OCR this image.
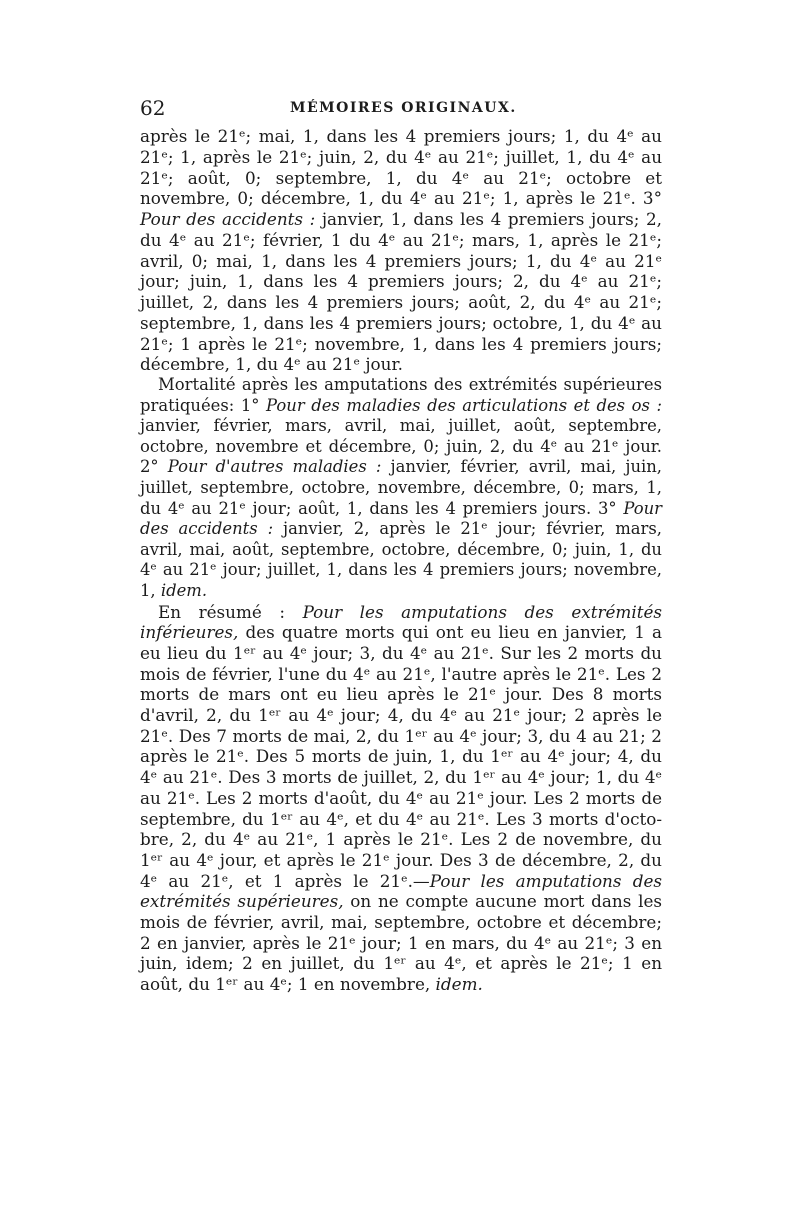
62	MÉMOIRES ORIGINAUX.

après le 21ᵉ; mai, 1, dans les 4 premiers jours; 1, du 4ᵉ au 21ᵉ; 1, après le 21ᵉ; juin, 2, du 4ᵉ au 21ᵉ; juillet, 1, du 4ᵉ au 21ᵉ; août, 0; septembre, 1, du 4ᵉ au 21ᵉ; octobre et novembre, 0; décembre, 1, du 4ᵉ au 21ᵉ; 1, après le 21ᵉ. 3° Pour des accidents : janvier, 1, dans les 4 premiers jours; 2, du 4ᵉ au 21ᵉ; février, 1 du 4ᵉ au 21ᵉ; mars, 1, après le 21ᵉ; avril, 0; mai, 1, dans les 4 premiers jours; 1, du 4ᵉ au 21ᵉ jour; juin, 1, dans les 4 premiers jours; 2, du 4ᵉ au 21ᵉ; juillet, 2, dans les 4 premiers jours; août, 2, du 4ᵉ au 21ᵉ; septembre, 1, dans les 4 premiers jours; octobre, 1, du 4ᵉ au 21ᵉ; 1 après le 21ᵉ; novembre, 1, dans les 4 premiers jours; décembre, 1, du 4ᵉ au 21ᵉ jour.

Mortalité après les amputations des extrémités supérieures pratiquées: 1° Pour des maladies des articulations et des os : janvier, février, mars, avril, mai, juillet, août, septembre, octobre, novembre et décembre, 0; juin, 2, du 4ᵉ au 21ᵉ jour. 2° Pour d'autres maladies : janvier, février, avril, mai, juin, juillet, septembre, octobre, novembre, décembre, 0; mars, 1, du 4ᵉ au 21ᵉ jour; août, 1, dans les 4 premiers jours. 3° Pour des accidents : janvier, 2, après le 21ᵉ jour; février, mars, avril, mai, août, septembre, octobre, décembre, 0; juin, 1, du 4ᵉ au 21ᵉ jour; juillet, 1, dans les 4 premiers jours; novembre, 1, idem.

En résumé : Pour les amputations des extrémités inférieures, des quatre morts qui ont eu lieu en janvier, 1 a eu lieu du 1ᵉʳ au 4ᵉ jour; 3, du 4ᵉ au 21ᵉ. Sur les 2 morts du mois de février, l'une du 4ᵉ au 21ᵉ, l'autre après le 21ᵉ. Les 2 morts de mars ont eu lieu après le 21ᵉ jour. Des 8 morts d'avril, 2, du 1ᵉʳ au 4ᵉ jour; 4, du 4ᵉ au 21ᵉ jour; 2 après le 21ᵉ. Des 7 morts de mai, 2, du 1ᵉʳ au 4ᵉ jour; 3, du 4 au 21; 2 après le 21ᵉ. Des 5 morts de juin, 1, du 1ᵉʳ au 4ᵉ jour; 4, du 4ᵉ au 21ᵉ. Des 3 morts de juillet, 2, du 1ᵉʳ au 4ᵉ jour; 1, du 4ᵉ au 21ᵉ. Les 2 morts d'août, du 4ᵉ au 21ᵉ jour. Les 2 morts de septembre, du 1ᵉʳ au 4ᵉ, et du 4ᵉ au 21ᵉ. Les 3 morts d'octobre, 2, du 4ᵉ au 21ᵉ, 1 après le 21ᵉ. Les 2 de novembre, du 1ᵉʳ au 4ᵉ jour, et après le 21ᵉ jour. Des 3 de décembre, 2, du 4ᵉ au 21ᵉ, et 1 après le 21ᵉ.—Pour les amputations des extrémités supérieures, on ne compte aucune mort dans les mois de février, avril, mai, septembre, octobre et décembre; 2 en janvier, après le 21ᵉ jour; 1 en mars, du 4ᵉ au 21ᵉ; 3 en juin, idem; 2 en juillet, du 1ᵉʳ au 4ᵉ, et après le 21ᵉ; 1 en août, du 1ᵉʳ au 4ᵉ; 1 en novembre, idem.
